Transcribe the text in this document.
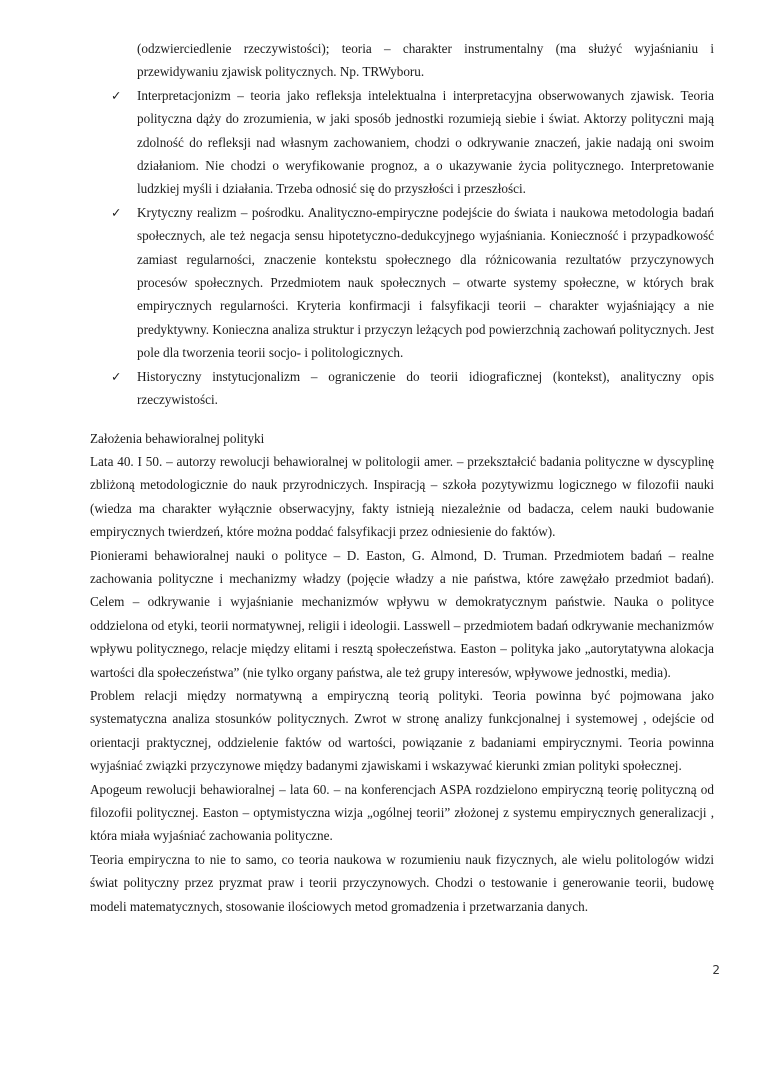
(odzwierciedlenie rzeczywistości); teoria – charakter instrumentalny (ma służyć wyjaśnianiu i przewidywaniu zjawisk politycznych. Np. TRWyboru.

✓ Interpretacjonizm – teoria jako refleksja intelektualna i interpretacyjna obserwowanych zjawisk. Teoria polityczna dąży do zrozumienia, w jaki sposób jednostki rozumieją siebie i świat. Aktorzy polityczni mają zdolność do refleksji nad własnym zachowaniem, chodzi o odkrywanie znaczeń, jakie nadają oni swoim działaniom. Nie chodzi o weryfikowanie prognoz, a o ukazywanie życia politycznego. Interpretowanie ludzkiej myśli i działania. Trzeba odnosić się do przyszłości i przeszłości.
✓ Krytyczny realizm – pośrodku. Analityczno-empiryczne podejście do świata i naukowa metodologia badań społecznych, ale też negacja sensu hipotetyczno-dedukcyjnego wyjaśniania. Konieczność i przypadkowość zamiast regularności, znaczenie kontekstu społecznego dla różnicowania rezultatów przyczynowych procesów społecznych. Przedmiotem nauk społecznych – otwarte systemy społeczne, w których brak empirycznych regularności. Kryteria konfirmacji i falsyfikacji teorii – charakter wyjaśniający a nie predyktywny. Konieczna analiza struktur i przyczyn leżących pod powierzchnią zachowań politycznych. Jest pole dla tworzenia teorii socjo- i politologicznych.
✓ Historyczny instytucjonalizm – ograniczenie do teorii idiograficznej (kontekst), analityczny opis rzeczywistości.

Założenia behawioralnej polityki

Lata 40. I 50. – autorzy rewolucji behawioralnej w politologii amer. – przekształcić badania polityczne w dyscyplinę zbliżoną metodologicznie do nauk przyrodniczych. Inspiracją – szkoła pozytywizmu logicznego w filozofii nauki (wiedza ma charakter wyłącznie obserwacyjny, fakty istnieją niezależnie od badacza, celem nauki budowanie empirycznych twierdzeń, które można poddać falsyfikacji przez odniesienie do faktów).

Pionierami behawioralnej nauki o polityce – D. Easton, G. Almond, D. Truman. Przedmiotem badań – realne zachowania polityczne i mechanizmy władzy (pojęcie władzy a nie państwa, które zawężało przedmiot badań). Celem – odkrywanie i wyjaśnianie mechanizmów wpływu w demokratycznym państwie. Nauka o polityce oddzielona od etyki, teorii normatywnej, religii i ideologii. Lasswell – przedmiotem badań odkrywanie mechanizmów wpływu politycznego, relacje między elitami i resztą społeczeństwa. Easton – polityka jako „autorytatywna alokacja wartości dla społeczeństwa” (nie tylko organy państwa, ale też grupy interesów, wpływowe jednostki, media).

Problem relacji między normatywną a empiryczną teorią polityki. Teoria powinna być pojmowana jako systematyczna analiza stosunków politycznych. Zwrot w stronę analizy funkcjonalnej i systemowej , odejście od orientacji praktycznej, oddzielenie faktów od wartości, powiązanie z badaniami empirycznymi. Teoria powinna wyjaśniać związki przyczynowe między badanymi zjawiskami i wskazywać kierunki zmian polityki społecznej.

Apogeum rewolucji behawioralnej – lata 60. – na konferencjach ASPA rozdzielono empiryczną teorię polityczną od filozofii politycznej. Easton – optymistyczna wizja „ogólnej teorii” złożonej z systemu empirycznych generalizacji , która miała wyjaśniać zachowania polityczne.

Teoria empiryczna to nie to samo, co teoria naukowa w rozumieniu nauk fizycznych, ale wielu politologów widzi świat polityczny przez pryzmat praw i teorii przyczynowych. Chodzi o testowanie i generowanie teorii, budowę modeli matematycznych, stosowanie ilościowych metod gromadzenia i przetwarzania danych.

2
